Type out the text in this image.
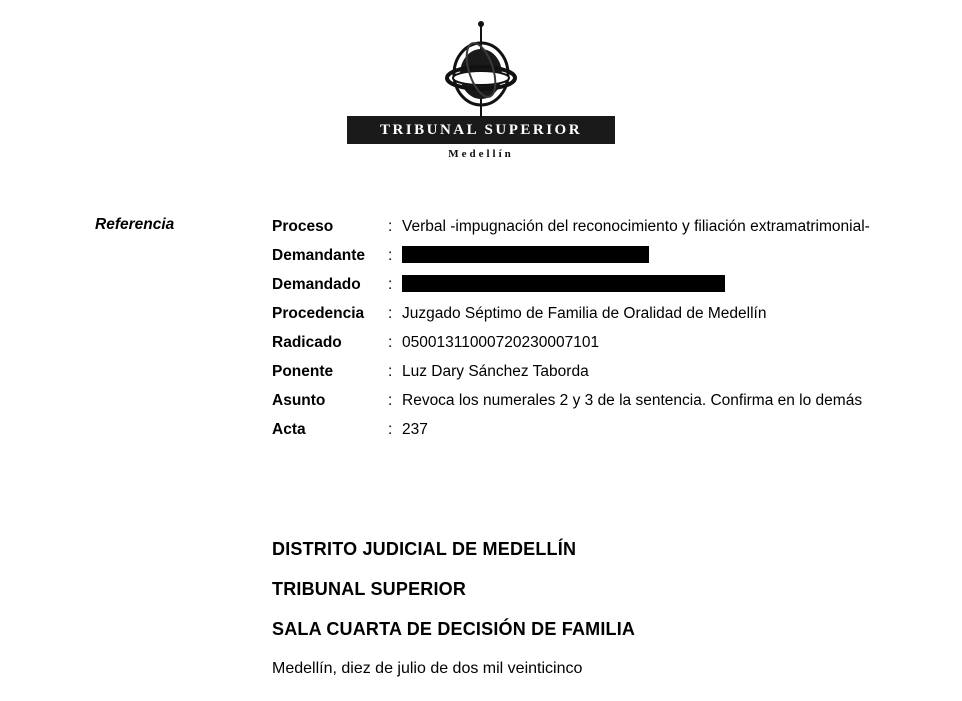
TRIBUNAL SUPERIOR
Medellín
Referencia	Proceso	:	Verbal -impugnación del reconocimiento y filiación extramatrimonial-
Demandante	:	
Demandado	:	
Procedencia	:	Juzgado Séptimo de Familia de Oralidad de Medellín
Radicado	:	05001311000720230007101
Ponente	:	Luz Dary Sánchez Taborda
Asunto	:	Revoca los numerales 2 y 3 de la sentencia. Confirma en lo demás
Acta	:	237
DISTRITO JUDICIAL DE MEDELLÍN
TRIBUNAL SUPERIOR
SALA CUARTA DE DECISIÓN DE FAMILIA
Medellín, diez de julio de dos mil veinticinco
